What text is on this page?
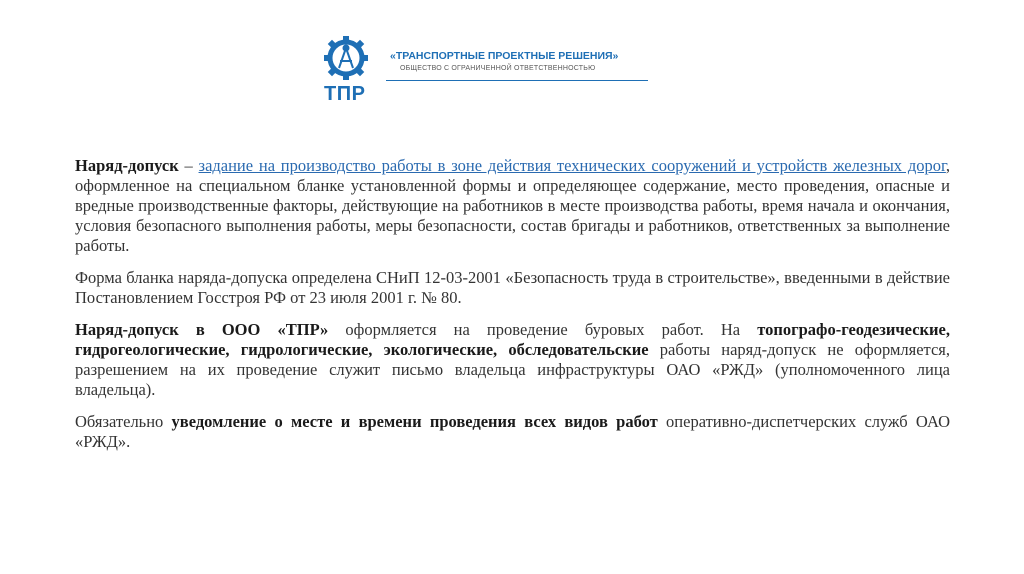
ТПР
«ТРАНСПОРТНЫЕ ПРОЕКТНЫЕ РЕШЕНИЯ»
ОБЩЕСТВО С ОГРАНИЧЕННОЙ ОТВЕТСТВЕННОСТЬЮ

Наряд-допуск – задание на производство работы в зоне действия технических сооружений и устройств железных дорог, оформленное на специальном бланке установленной формы и определяющее содержание, место проведения, опасные и вредные производственные факторы, действующие на работников в месте производства работы, время начала и окончания, условия безопасного выполнения работы, меры безопасности, состав бригады и работников, ответственных за выполнение работы.

Форма бланка наряда-допуска определена СНиП 12-03-2001 «Безопасность труда в строительстве», введенными в действие Постановлением Госстроя РФ от 23 июля 2001 г. № 80.

Наряд-допуск в ООО «ТПР» оформляется на проведение буровых работ. На топографо-геодезические, гидрогеологические, гидрологические, экологические, обследовательские работы наряд-допуск не оформляется, разрешением на их проведение служит письмо владельца инфраструктуры ОАО «РЖД» (уполномоченного лица владельца).

Обязательно уведомление о месте и времени проведения всех видов работ оперативно-диспетчерских служб ОАО «РЖД».
